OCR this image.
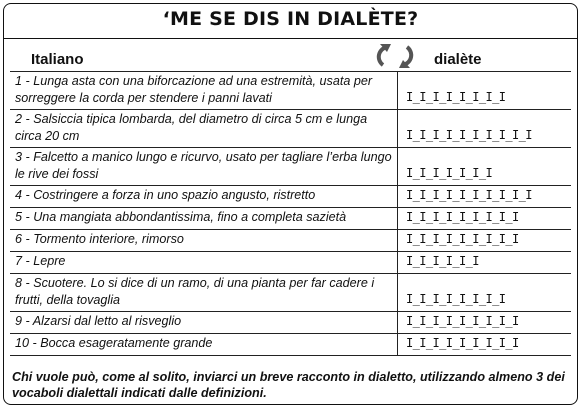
‘ME SE DIS IN DIALÈTE?
Italiano	dialète
1 - Lunga asta con una biforcazione ad una estremità, usata per sorreggere la corda per stendere i panni lavati	I_I_I_I_I_I_I_I
2 - Salsiccia tipica lombarda, del diametro di circa 5 cm e lunga circa 20 cm	I_I_I_I_I_I_I_I_I_I
3 - Falcetto a manico lungo e ricurvo, usato per tagliare l’erba lungo le rive dei fossi	I_I_I_I_I_I_I
4 - Costringere a forza in uno spazio angusto, ristretto	I_I_I_I_I_I_I_I_I_I
5 - Una mangiata abbondantissima, fino a completa sazietà	I_I_I_I_I_I_I_I_I
6 - Tormento interiore, rimorso	I_I_I_I_I_I_I_I_I
7 - Lepre	I_I_I_I_I_I
8 - Scuotere. Lo si dice di un ramo, di una pianta per far cadere i frutti, della tovaglia	I_I_I_I_I_I_I_I
9 - Alzarsi dal letto al risveglio	I_I_I_I_I_I_I_I_I
10 - Bocca esageratamente grande	I_I_I_I_I_I_I_I_I
Chi vuole può, come al solito, inviarci un breve racconto in dialetto, utilizzando almeno 3 dei vocaboli dialettali indicati dalle definizioni.
